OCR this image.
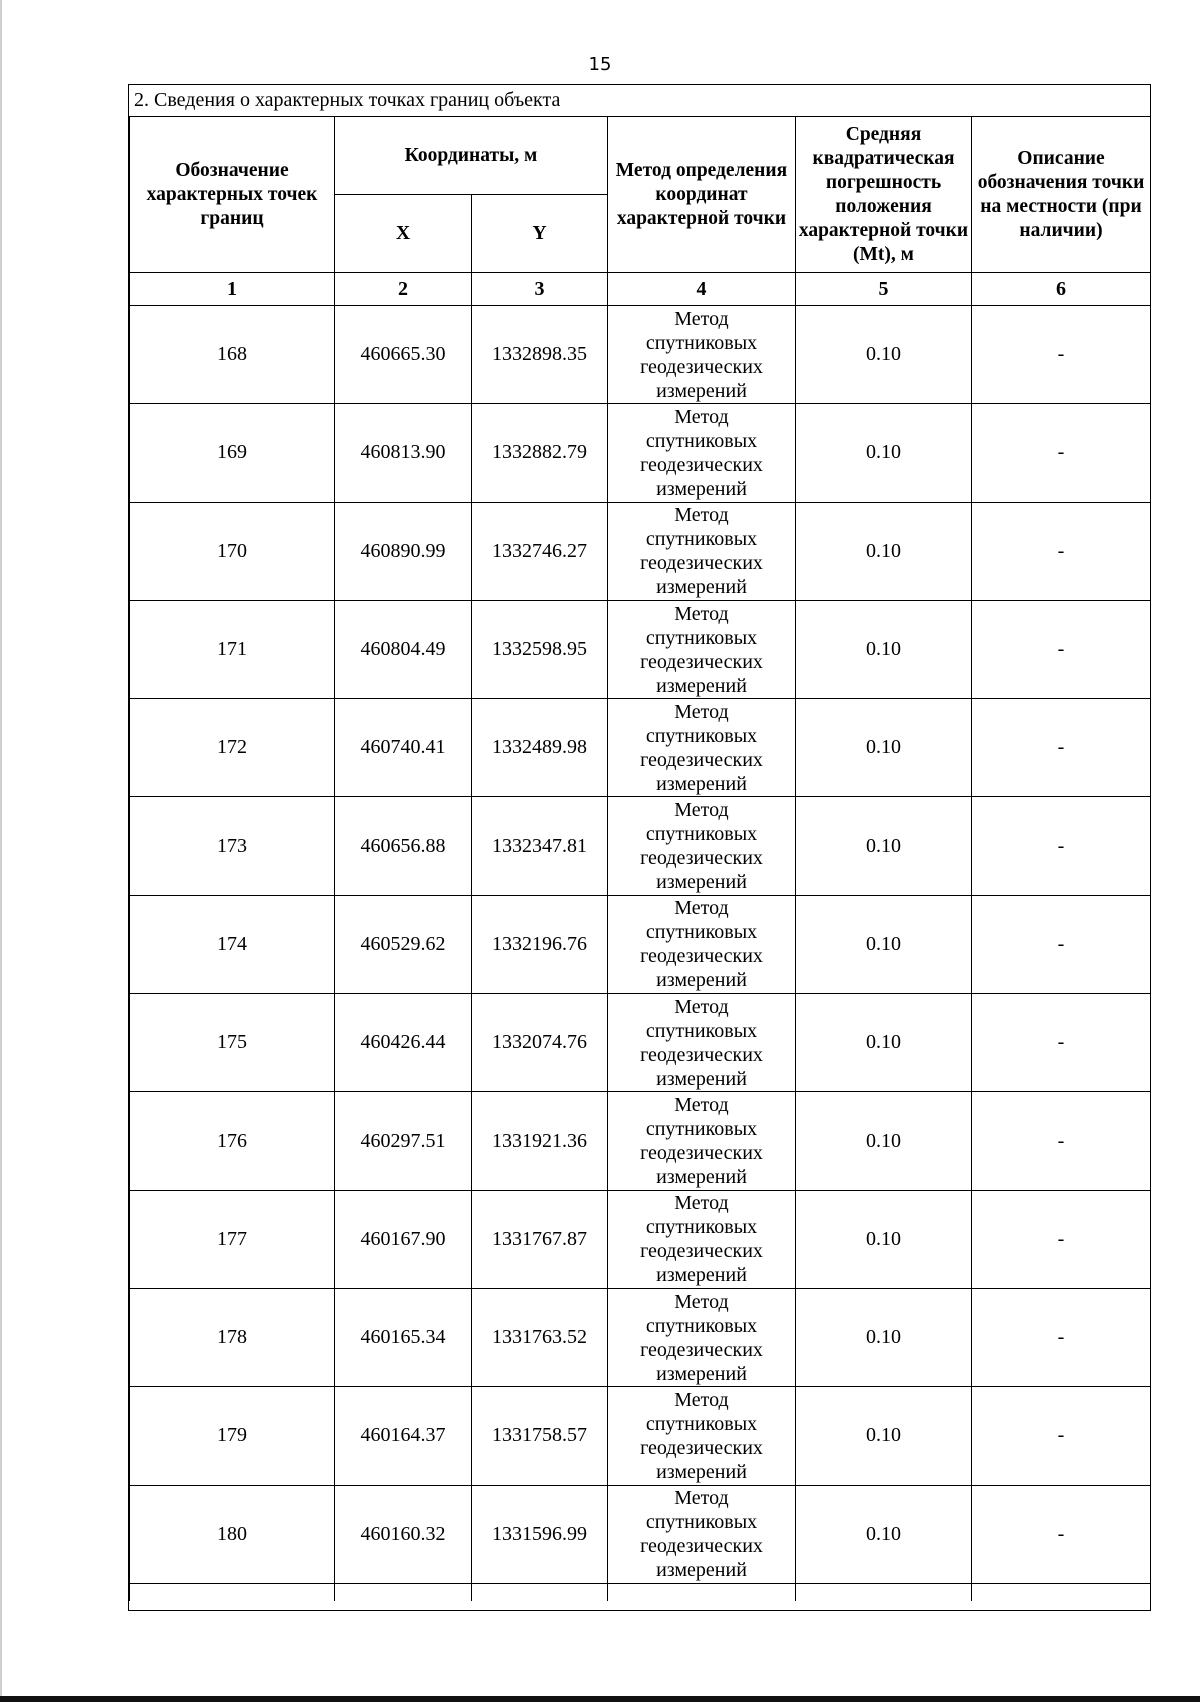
15
2. Сведения о характерных точках границ объекта
Обозначение характерных точек границ	Координаты, м		Метод определения координат характерной точки	Средняя квадратическая погрешность положения характерной точки (Mt), м	Описание обозначения точки на местности (при наличии)
	X	Y			
1	2	3	4	5	6
168	460665.30	1332898.35	Метод
спутниковых
геодезических
измерений	0.10	-
169	460813.90	1332882.79	Метод
спутниковых
геодезических
измерений	0.10	-
170	460890.99	1332746.27	Метод
спутниковых
геодезических
измерений	0.10	-
171	460804.49	1332598.95	Метод
спутниковых
геодезических
измерений	0.10	-
172	460740.41	1332489.98	Метод
спутниковых
геодезических
измерений	0.10	-
173	460656.88	1332347.81	Метод
спутниковых
геодезических
измерений	0.10	-
174	460529.62	1332196.76	Метод
спутниковых
геодезических
измерений	0.10	-
175	460426.44	1332074.76	Метод
спутниковых
геодезических
измерений	0.10	-
176	460297.51	1331921.36	Метод
спутниковых
геодезических
измерений	0.10	-
177	460167.90	1331767.87	Метод
спутниковых
геодезических
измерений	0.10	-
178	460165.34	1331763.52	Метод
спутниковых
геодезических
измерений	0.10	-
179	460164.37	1331758.57	Метод
спутниковых
геодезических
измерений	0.10	-
180	460160.32	1331596.99	Метод
спутниковых
геодезических
измерений	0.10	-
